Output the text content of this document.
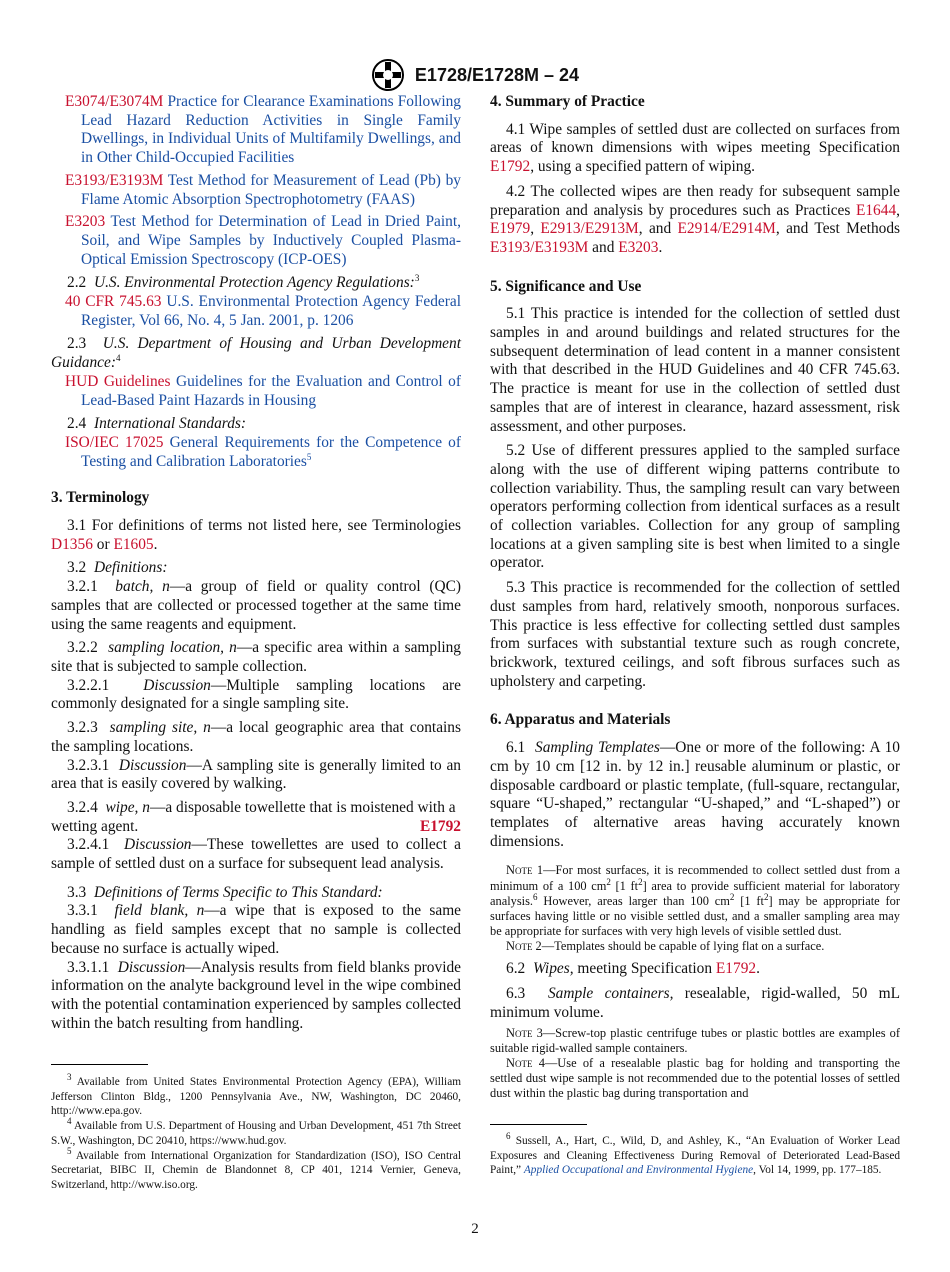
E1728/E1728M – 24

E3074/E3074M Practice for Clearance Examinations Following Lead Hazard Reduction Activities in Single Family Dwellings, in Individual Units of Multifamily Dwellings, and in Other Child-Occupied Facilities

E3193/E3193M Test Method for Measurement of Lead (Pb) by Flame Atomic Absorption Spectrophotometry (FAAS)

E3203 Test Method for Determination of Lead in Dried Paint, Soil, and Wipe Samples by Inductively Coupled Plasma-Optical Emission Spectroscopy (ICP-OES)

2.2 U.S. Environmental Protection Agency Regulations:$^3$

40 CFR 745.63 U.S. Environmental Protection Agency Federal Register, Vol 66, No. 4, 5 Jan. 2001, p. 1206

2.3 U.S. Department of Housing and Urban Development Guidance:$^4$

HUD Guidelines Guidelines for the Evaluation and Control of Lead-Based Paint Hazards in Housing

2.4 International Standards:

ISO/IEC 17025 General Requirements for the Competence of Testing and Calibration Laboratories$^5$

3. Terminology

3.1 For definitions of terms not listed here, see Terminologies D1356 or E1605.

3.2 Definitions:

3.2.1 batch, n—a group of field or quality control (QC) samples that are collected or processed together at the same time using the same reagents and equipment.

3.2.2 sampling location, n—a specific area within a sampling site that is subjected to sample collection.

3.2.2.1 Discussion—Multiple sampling locations are commonly designated for a single sampling site.

3.2.3 sampling site, n—a local geographic area that contains the sampling locations.

3.2.3.1 Discussion—A sampling site is generally limited to an area that is easily covered by walking.

3.2.4 wipe, n—a disposable towellette that is moistened with a wetting agent.	E1792

3.2.4.1 Discussion—These towellettes are used to collect a sample of settled dust on a surface for subsequent lead analysis.

3.3 Definitions of Terms Specific to This Standard:

3.3.1 field blank, n—a wipe that is exposed to the same handling as field samples except that no sample is collected because no surface is actually wiped.

3.3.1.1 Discussion—Analysis results from field blanks provide information on the analyte background level in the wipe combined with the potential contamination experienced by samples collected within the batch resulting from handling.

$^3$ Available from United States Environmental Protection Agency (EPA), William Jefferson Clinton Bldg., 1200 Pennsylvania Ave., NW, Washington, DC 20460, http://www.epa.gov.

$^4$ Available from U.S. Department of Housing and Urban Development, 451 7th Street S.W., Washington, DC 20410, https://www.hud.gov.

$^5$ Available from International Organization for Standardization (ISO), ISO Central Secretariat, BIBC II, Chemin de Blandonnet 8, CP 401, 1214 Vernier, Geneva, Switzerland, http://www.iso.org.

4. Summary of Practice

4.1 Wipe samples of settled dust are collected on surfaces from areas of known dimensions with wipes meeting Specification E1792, using a specified pattern of wiping.

4.2 The collected wipes are then ready for subsequent sample preparation and analysis by procedures such as Practices E1644, E1979, E2913/E2913M, and E2914/E2914M, and Test Methods E3193/E3193M and E3203.

5. Significance and Use

5.1 This practice is intended for the collection of settled dust samples in and around buildings and related structures for the subsequent determination of lead content in a manner consistent with that described in the HUD Guidelines and 40 CFR 745.63. The practice is meant for use in the collection of settled dust samples that are of interest in clearance, hazard assessment, risk assessment, and other purposes.

5.2 Use of different pressures applied to the sampled surface along with the use of different wiping patterns contribute to collection variability. Thus, the sampling result can vary between operators performing collection from identical surfaces as a result of collection variables. Collection for any group of sampling locations at a given sampling site is best when limited to a single operator.

5.3 This practice is recommended for the collection of settled dust samples from hard, relatively smooth, nonporous surfaces. This practice is less effective for collecting settled dust samples from surfaces with substantial texture such as rough concrete, brickwork, textured ceilings, and soft fibrous surfaces such as upholstery and carpeting.

6. Apparatus and Materials

6.1 Sampling Templates—One or more of the following: A 10 cm by 10 cm [12 in. by 12 in.] reusable aluminum or plastic, or disposable cardboard or plastic template, (full-square, rectangular, square “U-shaped,” rectangular “U-shaped,” and “L-shaped”) or templates of alternative areas having accurately known dimensions.

Note 1—For most surfaces, it is recommended to collect settled dust from a minimum of a 100 $cm^2$ [1 $ft^2$] area to provide sufficient material for laboratory analysis.$^6$ However, areas larger than 100 $cm^2$ [1 $ft^2$] may be appropriate for surfaces having little or no visible settled dust, and a smaller sampling area may be appropriate for surfaces with very high levels of visible settled dust.

Note 2—Templates should be capable of lying flat on a surface.

6.2 Wipes, meeting Specification E1792.

6.3 Sample containers, resealable, rigid-walled, 50 mL minimum volume.

Note 3—Screw-top plastic centrifuge tubes or plastic bottles are examples of suitable rigid-walled sample containers.

Note 4—Use of a resealable plastic bag for holding and transporting the settled dust wipe sample is not recommended due to the potential losses of settled dust within the plastic bag during transportation and

$^6$ Sussell, A., Hart, C., Wild, D, and Ashley, K., “An Evaluation of Worker Lead Exposures and Cleaning Effectiveness During Removal of Deteriorated Lead-Based Paint,” Applied Occupational and Environmental Hygiene, Vol 14, 1999, pp. 177–185.

2
